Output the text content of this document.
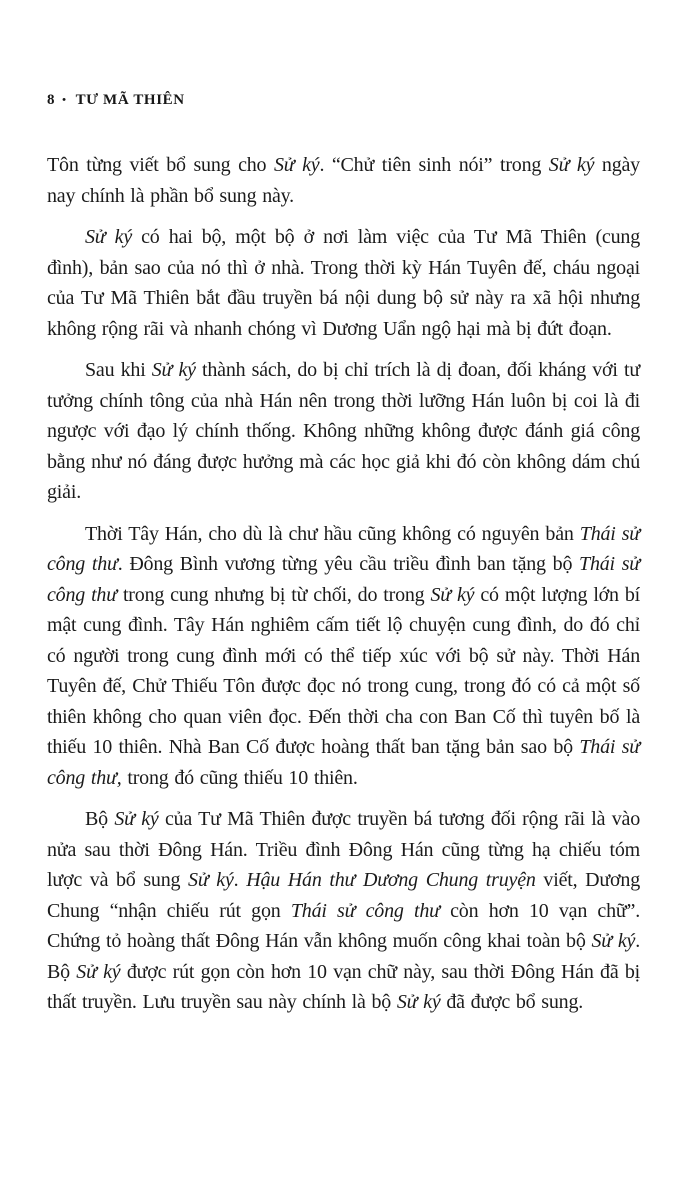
8 • TƯ MÃ THIÊN

Tôn từng viết bổ sung cho Sử ký. “Chử tiên sinh nói” trong Sử ký ngày nay chính là phần bổ sung này.

Sử ký có hai bộ, một bộ ở nơi làm việc của Tư Mã Thiên (cung đình), bản sao của nó thì ở nhà. Trong thời kỳ Hán Tuyên đế, cháu ngoại của Tư Mã Thiên bắt đầu truyền bá nội dung bộ sử này ra xã hội nhưng không rộng rãi và nhanh chóng vì Dương Uẩn ngộ hại mà bị đứt đoạn.

Sau khi Sử ký thành sách, do bị chỉ trích là dị đoan, đối kháng với tư tưởng chính tông của nhà Hán nên trong thời lưỡng Hán luôn bị coi là đi ngược với đạo lý chính thống. Không những không được đánh giá công bằng như nó đáng được hưởng mà các học giả khi đó còn không dám chú giải.

Thời Tây Hán, cho dù là chư hầu cũng không có nguyên bản Thái sử công thư. Đông Bình vương từng yêu cầu triều đình ban tặng bộ Thái sử công thư trong cung nhưng bị từ chối, do trong Sử ký có một lượng lớn bí mật cung đình. Tây Hán nghiêm cấm tiết lộ chuyện cung đình, do đó chỉ có người trong cung đình mới có thể tiếp xúc với bộ sử này. Thời Hán Tuyên đế, Chử Thiếu Tôn được đọc nó trong cung, trong đó có cả một số thiên không cho quan viên đọc. Đến thời cha con Ban Cố thì tuyên bố là thiếu 10 thiên. Nhà Ban Cố được hoàng thất ban tặng bản sao bộ Thái sử công thư, trong đó cũng thiếu 10 thiên.

Bộ Sử ký của Tư Mã Thiên được truyền bá tương đối rộng rãi là vào nửa sau thời Đông Hán. Triều đình Đông Hán cũng từng hạ chiếu tóm lược và bổ sung Sử ký. Hậu Hán thư Dương Chung truyện viết, Dương Chung “nhận chiếu rút gọn Thái sử công thư còn hơn 10 vạn chữ”. Chứng tỏ hoàng thất Đông Hán vẫn không muốn công khai toàn bộ Sử ký. Bộ Sử ký được rút gọn còn hơn 10 vạn chữ này, sau thời Đông Hán đã bị thất truyền. Lưu truyền sau này chính là bộ Sử ký đã được bổ sung.
